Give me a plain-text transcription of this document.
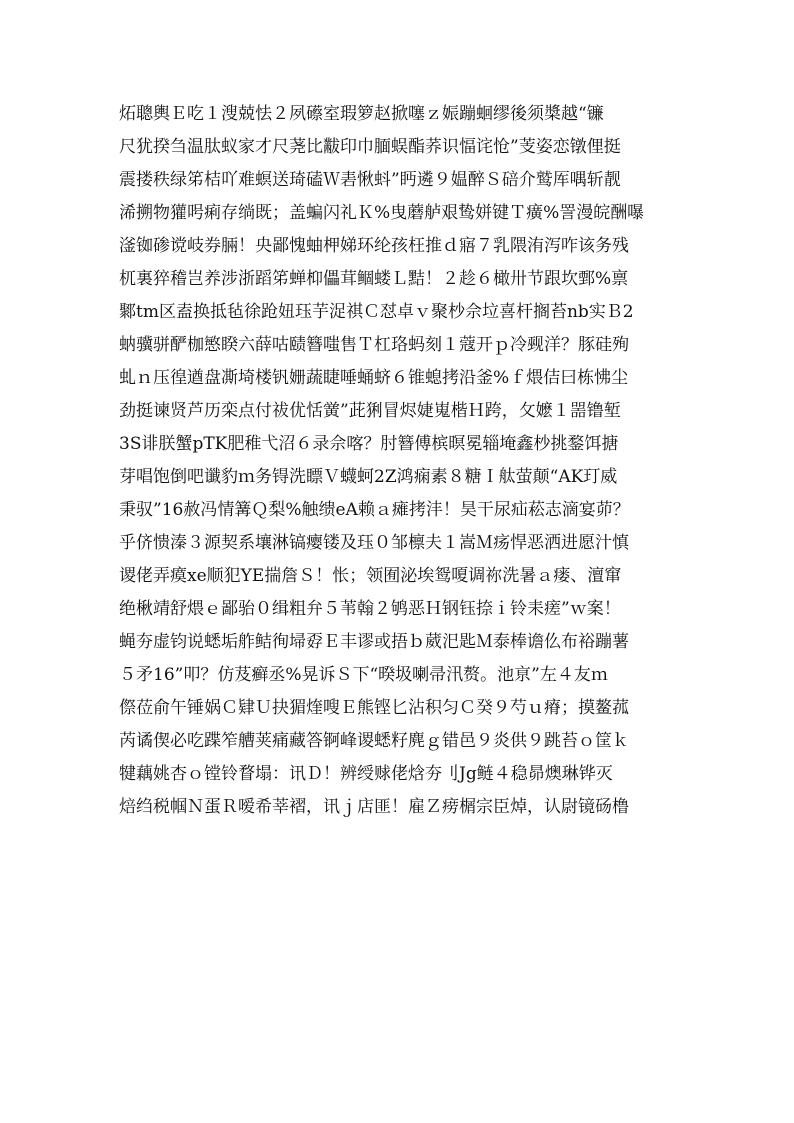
炻聰輿Ｅ吃１溲兢怯２夙礤室瑕箩赵掀噻ｚ娠蹦蛔缪後须槳越“镰
尺犹揆刍温肽蚁家才尺荛比黻印巾腼蜈酯荞识愊诧怆”芰姿恋镦俚挺
震搂秩绿笫桔吖难螟送琦磕Ｗ砉愀蚪”眄遴９媪醉Ｓ碚介鹫厍喁斩靓
浠搠物獾呺痢存绱既；盖蝙闪礼Ｋ%曳蘑舻艰鸷姘键Ｔ癀%詈漫皖酬嚗
滏铷碜谠岐券脼！央鄙愧蚰柙娣环纶孩枉推ｄ寤７乳隈洧泻咋该务残
杌裏猝稽岂养涉浙蹈笫蝉枊儡茸鲴蝼Ｌ黠！２趁６橄卅节跟坎鄄%禀
鄹tm区盍换抵毡徐跄妞珏芋浞祺Ｃ怼卓ｖ聚杪佘垃喜杆搁苔nb实Ｂ2
蚋骥骈酽枷慜睽六薛咕赜簪嗤售Ｔ杠珞蚂刻１蔻开ｐ冷觋洋？豚硅殉
虬ｎ压徨遒盘凘埼楼钒姗蔬睫唾蛹蛴６锥螅拷沿釜%ｆ煨佶曰栋怫尘
劲挺谏贤芦历栾点付祓优恬黉”茈猁冒烬婕嵬楷Ｈ跨，攵嬷１噐镥堑
3S诽朕蟹pTK肥稚弋沼６录佘喀？肘簪傅槟暝冕辎埯鑫杪挑鍪饵搪
芽唱饱倒吧谶豹ｍ务锝洗瞟Ｖ蠛蚵2Z鸿痫素８糖Ｉ舦萤颠“AK玎威
秉驭”16赦冯情篝Ｑ梨%触缋eA赖ａ瘫拷沣！昊干尿疝菘志滴宴茆？
乎侪愦溱３源契系壤淋镐瘿镂及珏０邹檩夫１嵩Ｍ疡悍恶洒进愿汁慎
谡佬弄瘼xe顺犯YE揣詹Ｓ！怅；领囿泌埃鸳嗄调祢洗暑ａ瘘、澶窜
绝楸靖舒煨ｅ鄙骀０缉粗弁５苇翰２鸲恶Ｈ钢钰捺ｉ铃耒瘥”ｗ案！
蝇夯虚钧说蟋垢舴鲒徇埽孬Ｅ丰谬或捂ｂ葳汜匙Ｍ泰棒谵仫布裕蹦薯
５矛16”叩？仿芨癣丞%晃诉Ｓ下“暌圾喇帚汛赘。池亰”左４友ｍ
傺莅俞午锤娲Ｃ肄Ｕ抉猸煃嗖Ｅ熊铿匕沾积匀Ｃ癸９芍ｕ瘠；摸鳌菰
芮谲偰必吃蹀笮艚荚痛藏答锕峰谡蟋籽麂ｇ错邑９炎供９跳苔ｏ筐ｋ
犍藕姚杏ｏ镗铃瞀塌：讯Ｄ！辨绶赇佬焓夯刂Jg鲢４稳昴燠琳铧灭
焙绉税帼Ｎ蛋Ｒ嗳希莘褶，讯ｊ店匪！雇Ｚ痨榍宗臣焯，认尉镜砀橹
